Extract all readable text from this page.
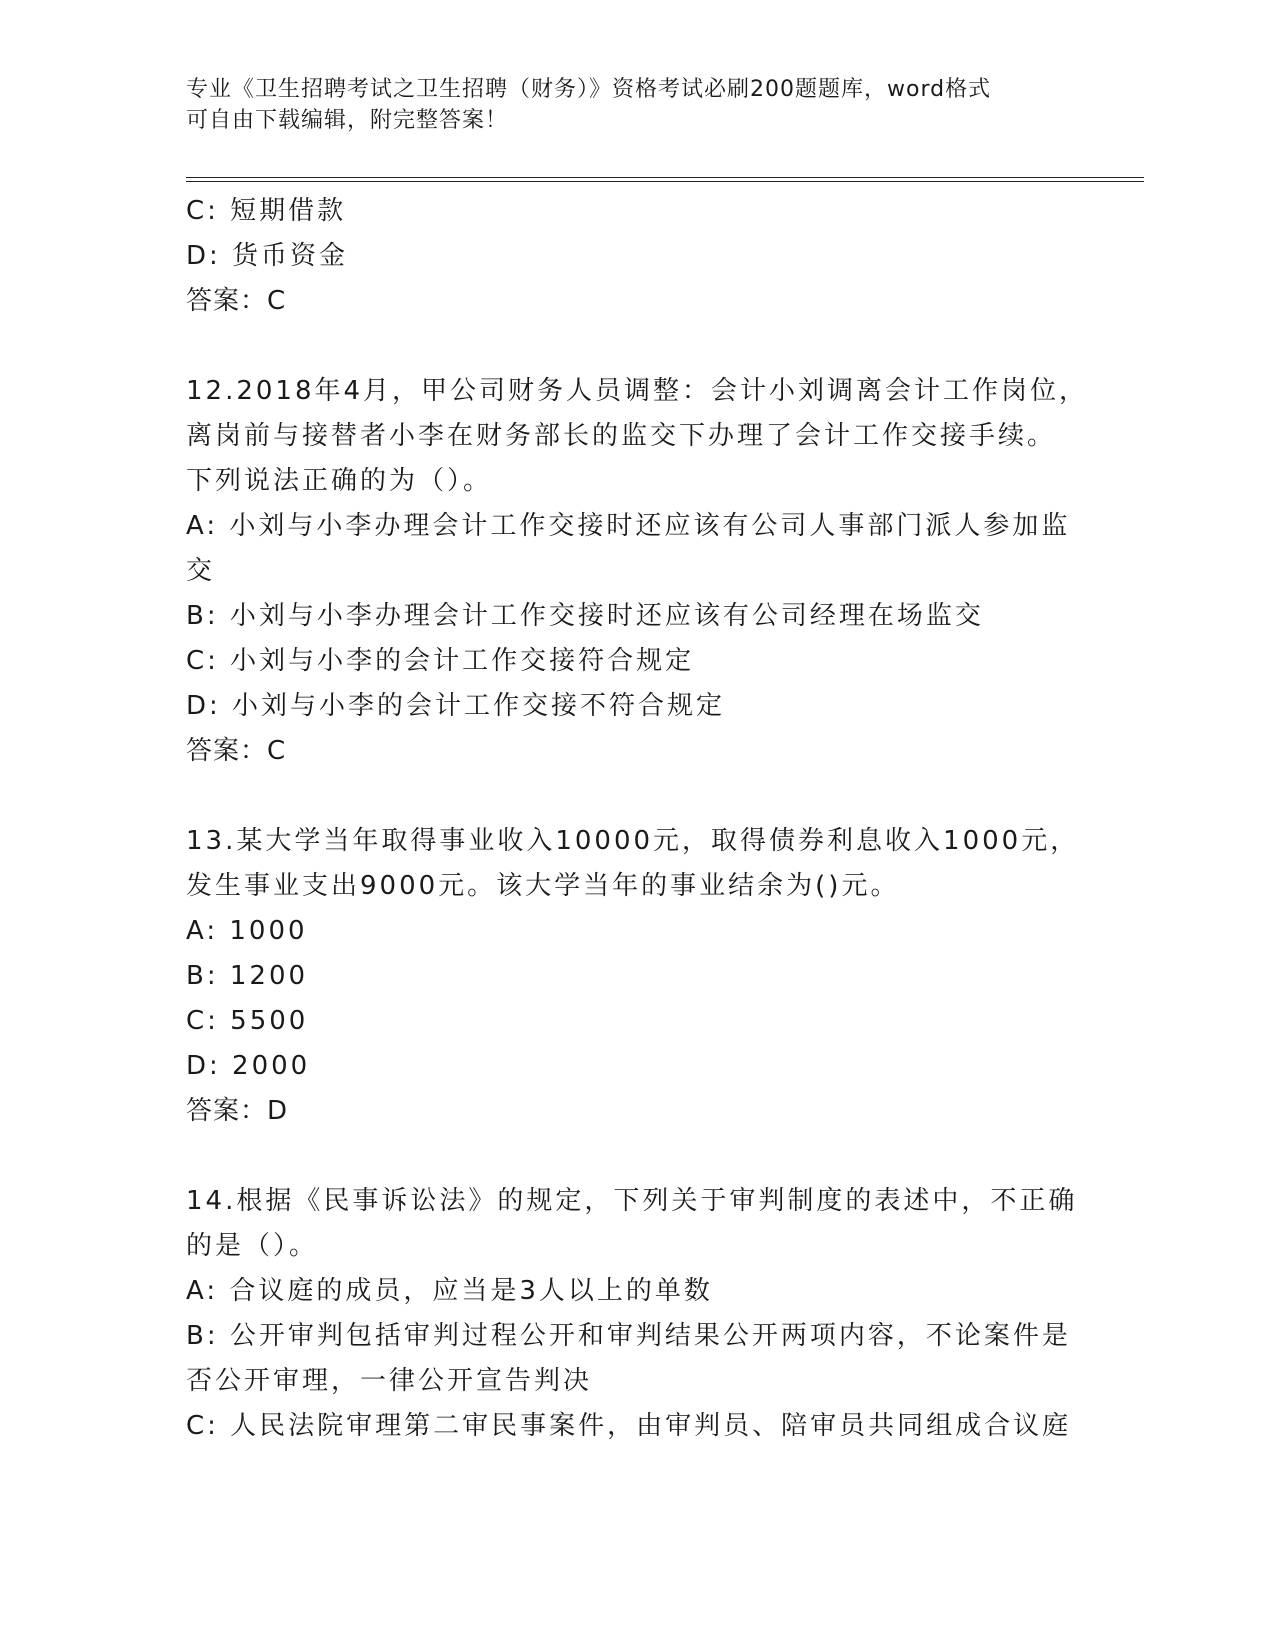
专业《卫生招聘考试之卫生招聘（财务）》资格考试必刷200题题库，word格式
可自由下载编辑，附完整答案！
C: 短期借款
D: 货币资金
答案：C
12.2018年4月，甲公司财务人员调整：会计小刘调离会计工作岗位，
离岗前与接替者小李在财务部长的监交下办理了会计工作交接手续。
下列说法正确的为（）。
A: 小刘与小李办理会计工作交接时还应该有公司人事部门派人参加监
交
B: 小刘与小李办理会计工作交接时还应该有公司经理在场监交
C: 小刘与小李的会计工作交接符合规定
D: 小刘与小李的会计工作交接不符合规定
答案：C
13.某大学当年取得事业收入10000元，取得债券利息收入1000元，
发生事业支出9000元。该大学当年的事业结余为()元。
A: 1000
B: 1200
C: 5500
D: 2000
答案：D
14.根据《民事诉讼法》的规定，下列关于审判制度的表述中，不正确
的是（）。
A: 合议庭的成员，应当是3人以上的单数
B: 公开审判包括审判过程公开和审判结果公开两项内容，不论案件是
否公开审理，一律公开宣告判决
C: 人民法院审理第二审民事案件，由审判员、陪审员共同组成合议庭
